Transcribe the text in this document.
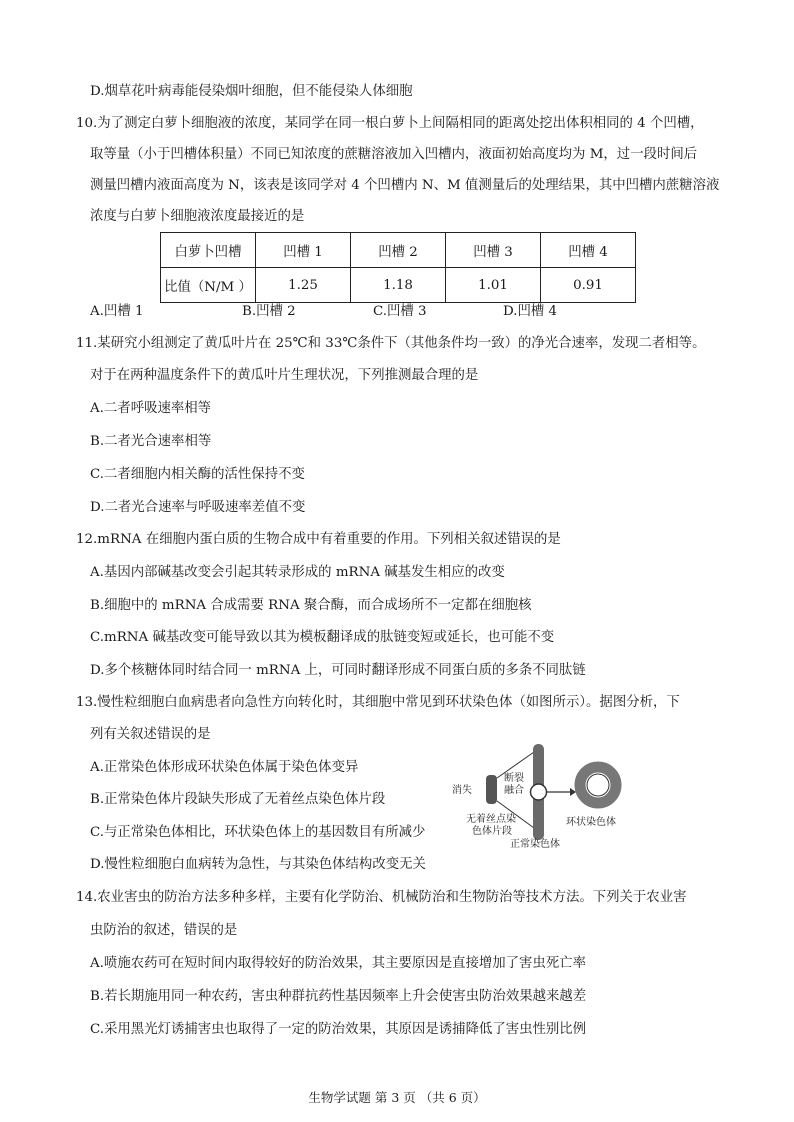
D.烟草花叶病毒能侵染烟叶细胞，但不能侵染人体细胞
10.为了测定白萝卜细胞液的浓度，某同学在同一根白萝卜上间隔相同的距离处挖出体积相同的 4 个凹槽，
取等量（小于凹槽体积量）不同已知浓度的蔗糖溶液加入凹槽内，液面初始高度均为 M，过一段时间后
测量凹槽内液面高度为 N，该表是该同学对 4 个凹槽内 N、M 值测量后的处理结果，其中凹槽内蔗糖溶液
浓度与白萝卜细胞液浓度最接近的是
白萝卜凹槽	凹槽 1	凹槽 2	凹槽 3	凹槽 4
比值（N/M ）	1.25	1.18	1.01	0.91
A.凹槽 1	B.凹槽 2	C.凹槽 3	D.凹槽 4
11.某研究小组测定了黄瓜叶片在 25℃和 33℃条件下（其他条件均一致）的净光合速率，发现二者相等。
对于在两种温度条件下的黄瓜叶片生理状况，下列推测最合理的是
A.二者呼吸速率相等
B.二者光合速率相等
C.二者细胞内相关酶的活性保持不变
D.二者光合速率与呼吸速率差值不变
12.mRNA 在细胞内蛋白质的生物合成中有着重要的作用。下列相关叙述错误的是
A.基因内部碱基改变会引起其转录形成的 mRNA 碱基发生相应的改变
B.细胞中的 mRNA 合成需要 RNA 聚合酶，而合成场所不一定都在细胞核
C.mRNA 碱基改变可能导致以其为模板翻译成的肽链变短或延长，也可能不变
D.多个核糖体同时结合同一 mRNA 上，可同时翻译形成不同蛋白质的多条不同肽链
13.慢性粒细胞白血病患者向急性方向转化时，其细胞中常见到环状染色体（如图所示）。据图分析，下
列有关叙述错误的是
A.正常染色体形成环状染色体属于染色体变异
B.正常染色体片段缺失形成了无着丝点染色体片段
C.与正常染色体相比，环状染色体上的基因数目有所减少
D.慢性粒细胞白血病转为急性，与其染色体结构改变无关
消失
断裂
融合
无着丝点染
色体片段
环状染色体
正常染色体
14.农业害虫的防治方法多种多样，主要有化学防治、机械防治和生物防治等技术方法。下列关于农业害
虫防治的叙述，错误的是
A.喷施农药可在短时间内取得较好的防治效果，其主要原因是直接增加了害虫死亡率
B.若长期施用同一种农药，害虫种群抗药性基因频率上升会使害虫防治效果越来越差
C.采用黑光灯诱捕害虫也取得了一定的防治效果，其原因是诱捕降低了害虫性别比例
生物学试题 第 3 页 （共 6 页）
